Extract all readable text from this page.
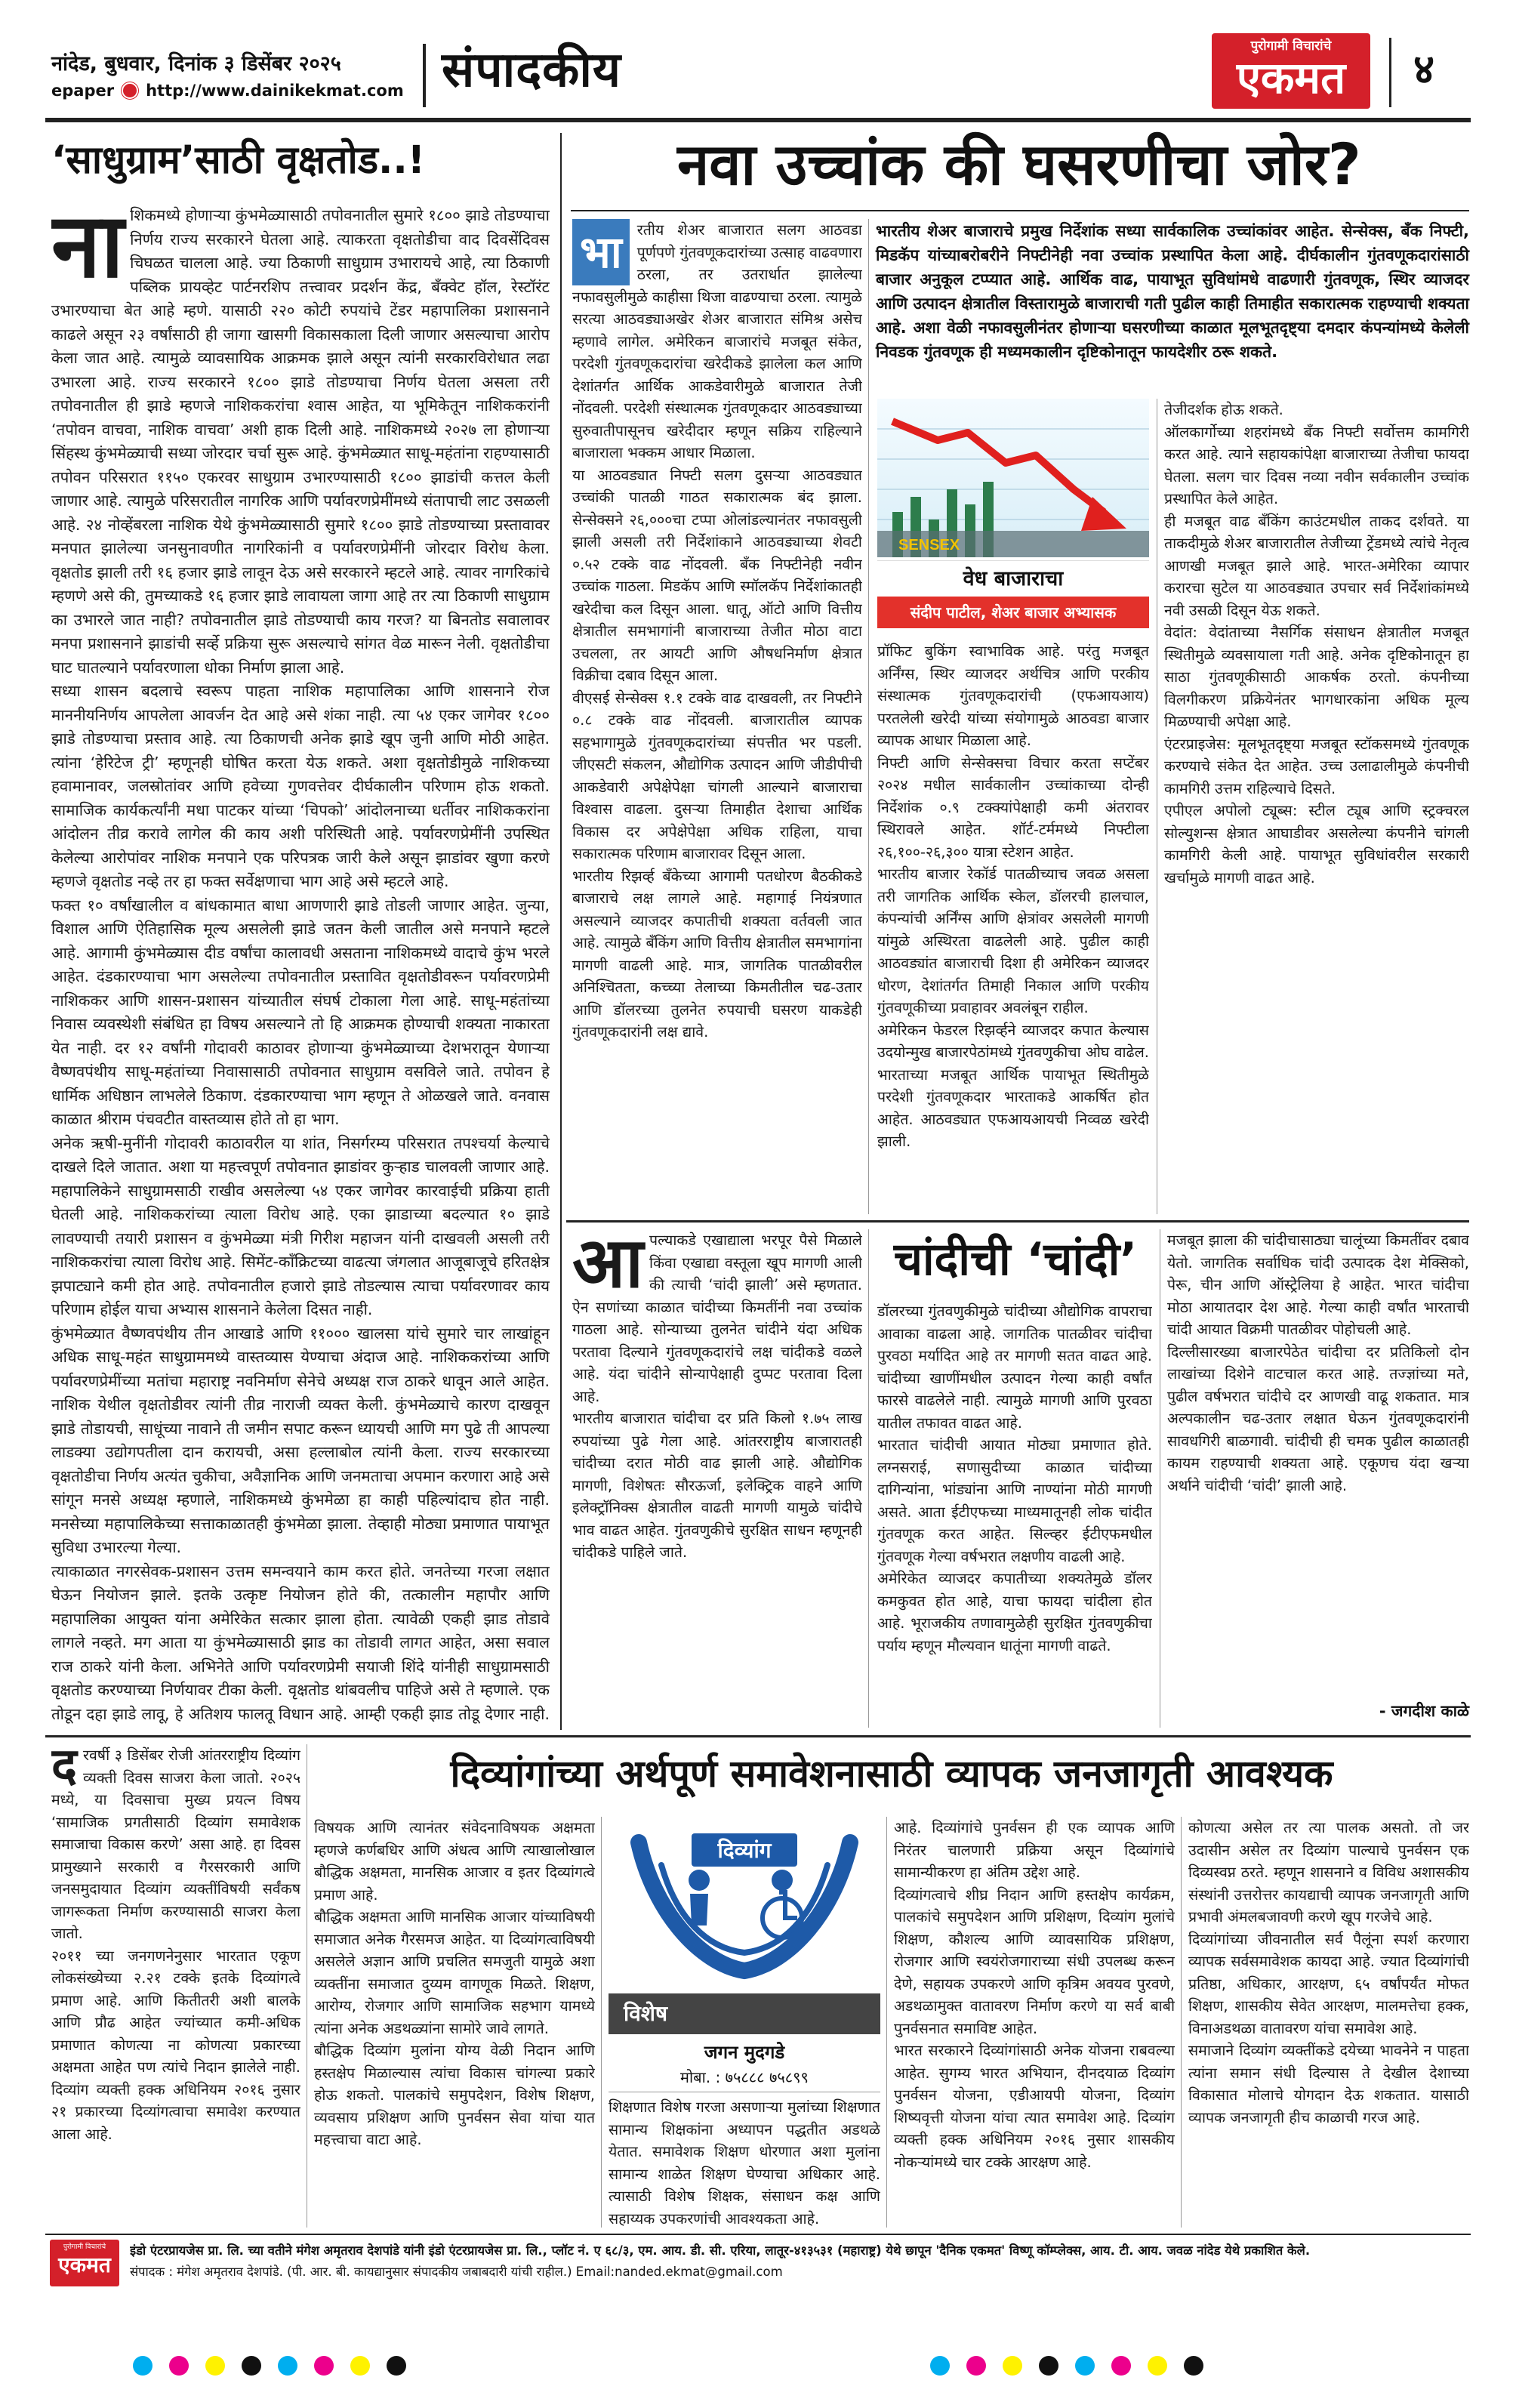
नांदेड, बुधवार, दिनांक ३ डिसेंबर २०२५
epaper http://www.dainikekmat.com संपादकीय	पुरोगामी विचारांचे
एकमत	४
‘साधुग्राम’साठी वृक्षतोड..!
ना शिकमध्ये होणाऱ्या कुंभमेळ्यासाठी तपोवनातील सुमारे १८०० झाडे तोडण्याचा निर्णय राज्य सरकारने घेतला आहे. त्याकरता वृक्षतोडीचा वाद दिवसेंदिवस चिघळत चालला आहे. ज्या ठिकाणी साधुग्राम उभारायचे आहे, त्या ठिकाणी पब्लिक प्रायव्हेट पार्टनरशिप तत्त्वावर प्रदर्शन केंद्र, बँक्वेट हॉल, रेस्टॉरंट उभारण्याचा बेत आहे म्हणे. यासाठी २२० कोटी रुपयांचे टेंडर महापालिका प्रशासनाने काढले असून २३ वर्षांसाठी ही जागा खासगी विकासकाला दिली जाणार असल्याचा आरोप केला जात आहे. त्यामुळे व्यावसायिक आक्रमक झाले असून त्यांनी सरकारविरोधात लढा उभारला आहे. राज्य सरकारने १८०० झाडे तोडण्याचा निर्णय घेतला असला तरी तपोवनातील ही झाडे म्हणजे नाशिककरांचा श्वास आहेत, या भूमिकेतून नाशिककरांनी ‘तपोवन वाचवा, नाशिक वाचवा’ अशी हाक दिली आहे. नाशिकमध्ये २०२७ ला होणाऱ्या सिंहस्थ कुंभमेळ्याची सध्या जोरदार चर्चा सुरू आहे. कुंभमेळ्यात साधू-महंतांना राहण्यासाठी तपोवन परिसरात ११५० एकरवर साधुग्राम उभारण्यासाठी १८०० झाडांची कत्तल केली जाणार आहे. त्यामुळे परिसरातील नागरिक आणि पर्यावरणप्रेमींमध्ये संतापाची लाट उसळली आहे. २४ नोव्हेंबरला नाशिक येथे कुंभमेळ्यासाठी सुमारे १८०० झाडे तोडण्याच्या प्रस्तावावर मनपात झालेल्या जनसुनावणीत नागरिकांनी व पर्यावरणप्रेमींनी जोरदार विरोध केला. वृक्षतोड झाली तरी १६ हजार झाडे लावून देऊ असे सरकारने म्हटले आहे. त्यावर नागरिकांचे म्हणणे असे की, तुमच्याकडे १६ हजार झाडे लावायला जागा आहे तर त्या ठिकाणी साधुग्राम का उभारले जात नाही? तपोवनातील झाडे तोडण्याची काय गरज? या बिनतोड सवालावर मनपा प्रशासनाने झाडांची सर्व्हे प्रक्रिया सुरू असल्याचे सांगत वेळ मारून नेली. वृक्षतोडीचा घाट घातल्याने पर्यावरणाला धोका निर्माण झाला आहे.

सध्या शासन बदलाचे स्वरूप पाहता नाशिक महापालिका आणि शासनाने रोज माननीयनिर्णय आपलेला आवर्जन देत आहे असे शंका नाही. त्या ५४ एकर जागेवर १८०० झाडे तोडण्याचा प्रस्ताव आहे. त्या ठिकाणची अनेक झाडे खूप जुनी आणि मोठी आहेत. त्यांना ‘हेरिटेज ट्री’ म्हणूनही घोषित करता येऊ शकते. अशा वृक्षतोडीमुळे नाशिकच्या हवामानावर, जलस्रोतांवर आणि हवेच्या गुणवत्तेवर दीर्घकालीन परिणाम होऊ शकतो. सामाजिक कार्यकर्त्यांनी मधा पाटकर यांच्या ‘चिपको’ आंदोलनाच्या धर्तीवर नाशिककरांना आंदोलन तीव्र करावे लागेल की काय अशी परिस्थिती आहे. पर्यावरणप्रेमींनी उपस्थित केलेल्या आरोपांवर नाशिक मनपाने एक परिपत्रक जारी केले असून झाडांवर खुणा करणे म्हणजे वृक्षतोड नव्हे तर हा फक्त सर्वेक्षणाचा भाग आहे असे म्हटले आहे.

फक्त १० वर्षांखालील व बांधकामात बाधा आणणारी झाडे तोडली जाणार आहेत. जुन्या, विशाल आणि ऐतिहासिक मूल्य असलेली झाडे जतन केली जातील असे मनपाने म्हटले आहे. आगामी कुंभमेळ्यास दीड वर्षांचा कालावधी असताना नाशिकमध्ये वादाचे कुंभ भरले आहेत. दंडकारण्याचा भाग असलेल्या तपोवनातील प्रस्तावित वृक्षतोडीवरून पर्यावरणप्रेमी नाशिककर आणि शासन-प्रशासन यांच्यातील संघर्ष टोकाला गेला आहे. साधू-महंतांच्या निवास व्यवस्थेशी संबंधित हा विषय असल्याने तो हि आक्रमक होण्याची शक्यता नाकारता येत नाही. दर १२ वर्षांनी गोदावरी काठावर होणाऱ्या कुंभमेळ्याच्या देशभरातून येणाऱ्या वैष्णवपंथीय साधू-महंतांच्या निवासासाठी तपोवनात साधुग्राम वसविले जाते. तपोवन हे धार्मिक अधिष्ठान लाभलेले ठिकाण. दंडकारण्याचा भाग म्हणून ते ओळखले जाते. वनवास काळात श्रीराम पंचवटीत वास्तव्यास होते तो हा भाग.

अनेक ऋषी-मुनींनी गोदावरी काठावरील या शांत, निसर्गरम्य परिसरात तपश्चर्या केल्याचे दाखले दिले जातात. अशा या महत्त्वपूर्ण तपोवनात झाडांवर कुऱ्हाड चालवली जाणार आहे. महापालिकेने साधुग्रामसाठी राखीव असलेल्या ५४ एकर जागेवर कारवाईची प्रक्रिया हाती घेतली आहे. नाशिककरांच्या त्याला विरोध आहे. एका झाडाच्या बदल्यात १० झाडे लावण्याची तयारी प्रशासन व कुंभमेळ्या मंत्री गिरीश महाजन यांनी दाखवली असली तरी नाशिककरांचा त्याला विरोध आहे. सिमेंट-कॉंक्रिटच्या वाढत्या जंगलात आजूबाजूचे हरितक्षेत्र झपाट्याने कमी होत आहे. तपोवनातील हजारो झाडे तोडल्यास त्याचा पर्यावरणावर काय परिणाम होईल याचा अभ्यास शासनाने केलेला दिसत नाही.

कुंभमेळ्यात वैष्णवपंथीय तीन आखाडे आणि ११००० खालसा यांचे सुमारे चार लाखांहून अधिक साधू-महंत साधुग्राममध्ये वास्तव्यास येण्याचा अंदाज आहे. नाशिककरांच्या आणि पर्यावरणप्रेमींच्या मतांचा महाराष्ट्र नवनिर्माण सेनेचे अध्यक्ष राज ठाकरे धावून आले आहेत. नाशिक येथील वृक्षतोडीवर त्यांनी तीव्र नाराजी व्यक्त केली. कुंभमेळ्याचे कारण दाखवून झाडे तोडायची, साधूंच्या नावाने ती जमीन सपाट करून ध्यायची आणि मग पुढे ती आपल्या लाडक्या उद्योगपतीला दान करायची, असा हल्लाबोल त्यांनी केला. राज्य सरकारच्या वृक्षतोडीचा निर्णय अत्यंत चुकीचा, अवैज्ञानिक आणि जनमताचा अपमान करणारा आहे असे सांगून मनसे अध्यक्ष म्हणाले, नाशिकमध्ये कुंभमेळा हा काही पहिल्यांदाच होत नाही. मनसेच्या महापालिकेच्या सत्ताकाळातही कुंभमेळा झाला. तेव्हाही मोठ्या प्रमाणात पायाभूत सुविधा उभारल्या गेल्या.

त्याकाळात नगरसेवक-प्रशासन उत्तम समन्वयाने काम करत होते. जनतेच्या गरजा लक्षात घेऊन नियोजन झाले. इतके उत्कृष्ट नियोजन होते की, तत्कालीन महापौर आणि महापालिका आयुक्त यांना अमेरिकेत सत्कार झाला होता. त्यावेळी एकही झाड तोडावे लागले नव्हते. मग आता या कुंभमेळ्यासाठी झाड का तोडावी लागत आहेत, असा सवाल राज ठाकरे यांनी केला. अभिनेते आणि पर्यावरणप्रेमी सयाजी शिंदे यांनीही साधुग्रामसाठी वृक्षतोड करण्याच्या निर्णयावर टीका केली. वृक्षतोड थांबवलीच पाहिजे असे ते म्हणाले. एक तोडून दहा झाडे लावू, हे अतिशय फालतू विधान आहे. आम्ही एकही झाड तोडू देणार नाही.

नवा उच्चांक की घसरणीचा जोर?
भा	रतीय शेअर बाजारात सलग आठवडा पूर्णपणे गुंतवणूकदारांच्या उत्साह वाढवणारा ठरला, तर उतरार्धात झालेल्या नफावसुलीमुळे काहीसा थिजा वाढण्याचा ठरला. त्यामुळे सरत्या आठवड्याअखेर शेअर बाजारात संमिश्र असेच म्हणावे लागेल. अमेरिकन बाजारांचे मजबूत संकेत, परदेशी गुंतवणूकदारांचा खरेदीकडे झालेला कल आणि देशांतर्गत आर्थिक आकडेवारीमुळे बाजारात तेजी नोंदवली. परदेशी संस्थात्मक गुंतवणूकदार आठवड्याच्या सुरुवातीपासूनच खरेदीदार म्हणून सक्रिय राहिल्याने बाजाराला भक्कम आधार मिळाला.

या आठवड्यात निफ्टी सलग दुसऱ्या आठवड्यात उच्चांकी पातळी गाठत सकारात्मक बंद झाला. सेन्सेक्सने २६,०००चा टप्पा ओलांडल्यानंतर नफावसुली झाली असली तरी निर्देशांकाने आठवड्याच्या शेवटी ०.५२ टक्के वाढ नोंदवली. बँक निफ्टीनेही नवीन उच्चांक गाठला. मिडकॅप आणि स्मॉलकॅप निर्देशांकातही खरेदीचा कल दिसून आला. धातू, ऑटो आणि वित्तीय क्षेत्रातील समभागांनी बाजाराच्या तेजीत मोठा वाटा उचलला, तर आयटी आणि औषधनिर्माण क्षेत्रात विक्रीचा दबाव दिसून आला.

वीएसई सेन्सेक्स १.१ टक्के वाढ दाखवली, तर निफ्टीने ०.८ टक्के वाढ नोंदवली. बाजारातील व्यापक सहभागामुळे गुंतवणूकदारांच्या संपत्तीत भर पडली. जीएसटी संकलन, औद्योगिक उत्पादन आणि जीडीपीची आकडेवारी अपेक्षेपेक्षा चांगली आल्याने बाजाराचा विश्वास वाढला. दुसऱ्या तिमाहीत देशाचा आर्थिक विकास दर अपेक्षेपेक्षा अधिक राहिला, याचा सकारात्मक परिणाम बाजारावर दिसून आला.

भारतीय रिझर्व्ह बँकेच्या आगामी पतधोरण बैठकीकडे बाजाराचे लक्ष लागले आहे. महागाई नियंत्रणात असल्याने व्याजदर कपातीची शक्यता वर्तवली जात आहे. त्यामुळे बँकिंग आणि वित्तीय क्षेत्रातील समभागांना मागणी वाढली आहे. मात्र, जागतिक पातळीवरील अनिश्चितता, कच्च्या तेलाच्या किमतीतील चढ-उतार आणि डॉलरच्या तुलनेत रुपयाची घसरण याकडेही गुंतवणूकदारांनी लक्ष द्यावे.

भारतीय शेअर बाजाराचे प्रमुख निर्देशांक सध्या सार्वकालिक उच्चांकांवर आहेत. सेन्सेक्स, बँक निफ्टी, मिडकॅप यांच्याबरोबरीने निफ्टीनेही नवा उच्चांक प्रस्थापित केला आहे. दीर्घकालीन गुंतवणूकदारांसाठी बाजार अनुकूल टप्प्यात आहे. आर्थिक वाढ, पायाभूत सुविधांमधे वाढणारी गुंतवणूक, स्थिर व्याजदर आणि उत्पादन क्षेत्रातील विस्तारामुळे बाजाराची गती पुढील काही तिमाहीत सकारात्मक राहण्याची शक्यता आहे. अशा वेळी नफावसुलीनंतर होणाऱ्या घसरणीच्या काळात मूलभूतदृष्ट्या दमदार कंपन्यांमध्ये केलेली निवडक गुंतवणूक ही मध्यमकालीन दृष्टिकोनातून फायदेशीर ठरू शकते.
SENSEX
वेध बाजाराचा
संदीप पाटील, शेअर बाजार अभ्यासक

प्रॉफिट बुकिंग स्वाभाविक आहे. परंतु मजबूत अर्निंग्स, स्थिर व्याजदर अर्थचित्र आणि परकीय संस्थात्मक गुंतवणूकदारांची (एफआयआय) परतलेली खरेदी यांच्या संयोगामुळे आठवडा बाजार व्यापक आधार मिळाला आहे.

निफ्टी आणि सेन्सेक्सचा विचार करता सप्टेंबर २०२४ मधील सार्वकालीन उच्चांकाच्या दोन्ही निर्देशांक ०.९ टक्क्यांपेक्षाही कमी अंतरावर स्थिरावले आहेत. शॉर्ट-टर्ममध्ये निफ्टीला २६,१००-२६,३०० यात्रा स्टेशन आहेत.

भारतीय बाजार रेकॉर्ड पातळीच्याच जवळ असला तरी जागतिक आर्थिक स्केल, डॉलरची हालचाल, कंपन्यांची अर्निंग्स आणि क्षेत्रांवर असलेली मागणी यांमुळे अस्थिरता वाढलेली आहे. पुढील काही आठवड्यांत बाजाराची दिशा ही अमेरिकन व्याजदर धोरण, देशांतर्गत तिमाही निकाल आणि परकीय गुंतवणूकीच्या प्रवाहावर अवलंबून राहील.

अमेरिकन फेडरल रिझर्व्हने व्याजदर कपात केल्यास उदयोन्मुख बाजारपेठांमध्ये गुंतवणुकीचा ओघ वाढेल. भारताच्या मजबूत आर्थिक पायाभूत स्थितीमुळे परदेशी गुंतवणूकदार भारताकडे आकर्षित होत आहेत. आठवड्यात एफआयआयची निव्वळ खरेदी झाली.

तेजीदर्शक होऊ शकते.

ऑलकार्गोच्या शहरांमध्ये बँक निफ्टी सर्वोत्तम कामगिरी करत आहे. त्याने सहायकांपेक्षा बाजाराच्या तेजीचा फायदा घेतला. सलग चार दिवस नव्या नवीन सर्वकालीन उच्चांक प्रस्थापित केले आहेत.

ही मजबूत वाढ बँकिंग काउंटमधील ताकद दर्शवते. या ताकदीमुळे शेअर बाजारातील तेजीच्या ट्रेंडमध्ये त्यांचे नेतृत्व आणखी मजबूत झाले आहे. भारत-अमेरिका व्यापार करारचा सुटेल या आठवड्यात उपचार सर्व निर्देशांकांमध्ये नवी उसळी दिसून येऊ शकते.

वेदांत: वेदांताच्या नैसर्गिक संसाधन क्षेत्रातील मजबूत स्थितीमुळे व्यवसायाला गती आहे. अनेक दृष्टिकोनातून हा साठा गुंतवणूकीसाठी आकर्षक ठरतो. कंपनीच्या विलगीकरण प्रक्रियेनंतर भागधारकांना अधिक मूल्य मिळण्याची अपेक्षा आहे.

एंटरप्राइजेस: मूलभूतदृष्ट्या मजबूत स्टॉकसमध्ये गुंतवणूक करण्याचे संकेत देत आहेत. उच्च उलाढालीमुळे कंपनीची कामगिरी उत्तम राहिल्याचे दिसते.

एपीएल अपोलो ट्यूब्स: स्टील ट्यूब आणि स्ट्रक्चरल सोल्युशन्स क्षेत्रात आघाडीवर असलेल्या कंपनीने चांगली कामगिरी केली आहे. पायाभूत सुविधांवरील सरकारी खर्चामुळे मागणी वाढत आहे.

आ पल्याकडे एखाद्याला भरपूर पैसे मिळाले किंवा एखाद्या वस्तूला खूप मागणी आली की त्याची ‘चांदी झाली’ असे म्हणतात. ऐन सणांच्या काळात चांदीच्या किमतींनी नवा उच्चांक गाठला आहे. सोन्याच्या तुलनेत चांदीने यंदा अधिक परतावा दिल्याने गुंतवणूकदारांचे लक्ष चांदीकडे वळले आहे. यंदा चांदीने सोन्यापेक्षाही दुप्पट परतावा दिला आहे.

भारतीय बाजारात चांदीचा दर प्रति किलो १.७५ लाख रुपयांच्या पुढे गेला आहे. आंतरराष्ट्रीय बाजारातही चांदीच्या दरात मोठी वाढ झाली आहे. औद्योगिक मागणी, विशेषतः सौरऊर्जा, इलेक्ट्रिक वाहने आणि इलेक्ट्रॉनिक्स क्षेत्रातील वाढती मागणी यामुळे चांदीचे भाव वाढत आहेत. गुंतवणुकीचे सुरक्षित साधन म्हणूनही चांदीकडे पाहिले जाते.

चांदीची ‘चांदी’

डॉलरच्या गुंतवणुकीमुळे चांदीच्या औद्योगिक वापराचा आवाका वाढला आहे. जागतिक पातळीवर चांदीचा पुरवठा मर्यादित आहे तर मागणी सतत वाढत आहे. चांदीच्या खाणींमधील उत्पादन गेल्या काही वर्षांत फारसे वाढलेले नाही. त्यामुळे मागणी आणि पुरवठा यातील तफावत वाढत आहे.

भारतात चांदीची आयात मोठ्या प्रमाणात होते. लग्नसराई, सणासुदीच्या काळात चांदीच्या दागिन्यांना, भांड्यांना आणि नाण्यांना मोठी मागणी असते. आता ईटीएफच्या माध्यमातूनही लोक चांदीत गुंतवणूक करत आहेत. सिल्व्हर ईटीएफमधील गुंतवणूक गेल्या वर्षभरात लक्षणीय वाढली आहे.

अमेरिकेत व्याजदर कपातीच्या शक्यतेमुळे डॉलर कमकुवत होत आहे, याचा फायदा चांदीला होत आहे. भूराजकीय तणावामुळेही सुरक्षित गुंतवणुकीचा पर्याय म्हणून मौल्यवान धातूंना मागणी वाढते.

मजबूत झाला की चांदीचासाठ्या चालूंच्या किमतींवर दबाव येतो. जागतिक सर्वाधिक चांदी उत्पादक देश मेक्सिको, पेरू, चीन आणि ऑस्ट्रेलिया हे आहेत. भारत चांदीचा मोठा आयातदार देश आहे. गेल्या काही वर्षांत भारताची चांदी आयात विक्रमी पातळीवर पोहोचली आहे.

दिल्लीसारख्या बाजारपेठेत चांदीचा दर प्रतिकिलो दोन लाखांच्या दिशेने वाटचाल करत आहे. तज्ज्ञांच्या मते, पुढील वर्षभरात चांदीचे दर आणखी वाढू शकतात. मात्र अल्पकालीन चढ-उतार लक्षात घेऊन गुंतवणूकदारांनी सावधगिरी बाळगावी. चांदीची ही चमक पुढील काळातही कायम राहण्याची शक्यता आहे. एकूणच यंदा खऱ्या अर्थाने चांदीची ‘चांदी’ झाली आहे.

- जगदीश काळे
द रवर्षी ३ डिसेंबर रोजी आंतरराष्ट्रीय दिव्यांग व्यक्ती दिवस साजरा केला जातो. २०२५ मध्ये, या दिवसाचा मुख्य प्रयत्न विषय ‘सामाजिक प्रगतीसाठी दिव्यांग समावेशक समाजाचा विकास करणे’ असा आहे. हा दिवस प्रामुख्याने सरकारी व गैरसरकारी आणि जनसमुदायात दिव्यांग व्यक्तींविषयी सर्वंकष जागरूकता निर्माण करण्यासाठी साजरा केला जातो.

२०११ च्या जनगणनेनुसार भारतात एकूण लोकसंख्येच्या २.२१ टक्के इतके दिव्यांगत्वे प्रमाण आहे. आणि कितीतरी अशी बालके आणि प्रौढ आहेत ज्यांच्यात कमी-अधिक प्रमाणात कोणत्या ना कोणत्या प्रकारच्या अक्षमता आहेत पण त्यांचे निदान झालेले नाही. दिव्यांग व्यक्ती हक्क अधिनियम २०१६ नुसार २१ प्रकारच्या दिव्यांगत्वाचा समावेश करण्यात आला आहे.

दिव्यांगांच्या अर्थपूर्ण समावेशनासाठी व्यापक जनजागृती आवश्यक

विषयक आणि त्यानंतर संवेदनाविषयक अक्षमता म्हणजे कर्णबधिर आणि अंधत्व आणि त्याखालोखाल बौद्धिक अक्षमता, मानसिक आजार व इतर दिव्यांगत्वे प्रमाण आहे.

बौद्धिक अक्षमता आणि मानसिक आजार यांच्याविषयी समाजात अनेक गैरसमज आहेत. या दिव्यांगत्वाविषयी असलेले अज्ञान आणि प्रचलित समजुती यामुळे अशा व्यक्तींना समाजात दुय्यम वागणूक मिळते. शिक्षण, आरोग्य, रोजगार आणि सामाजिक सहभाग यामध्ये त्यांना अनेक अडथळ्यांना सामोरे जावे लागते.

बौद्धिक दिव्यांग मुलांना योग्य वेळी निदान आणि हस्तक्षेप मिळाल्यास त्यांचा विकास चांगल्या प्रकारे होऊ शकतो. पालकांचे समुपदेशन, विशेष शिक्षण, व्यवसाय प्रशिक्षण आणि पुनर्वसन सेवा यांचा यात महत्त्वाचा वाटा आहे.

दिव्यांग
विशेष
जगन मुदगडे
मोबा. : ७५८८८ ७५८९९

शिक्षणात विशेष गरजा असणाऱ्या मुलांच्या शिक्षणात सामान्य शिक्षकांना अध्यापन पद्धतीत अडथळे येतात. समावेशक शिक्षण धोरणात अशा मुलांना सामान्य शाळेत शिक्षण घेण्याचा अधिकार आहे. त्यासाठी विशेष शिक्षक, संसाधन कक्ष आणि सहाय्यक उपकरणांची आवश्यकता आहे.

आहे. दिव्यांगांचे पुनर्वसन ही एक व्यापक आणि निरंतर चालणारी प्रक्रिया असून दिव्यांगांचे सामान्यीकरण हा अंतिम उद्देश आहे.

दिव्यांगत्वाचे शीघ्र निदान आणि हस्तक्षेप कार्यक्रम, पालकांचे समुपदेशन आणि प्रशिक्षण, दिव्यांग मुलांचे शिक्षण, कौशल्य आणि व्यावसायिक प्रशिक्षण, रोजगार आणि स्वयंरोजगाराच्या संधी उपलब्ध करून देणे, सहायक उपकरणे आणि कृत्रिम अवयव पुरवणे, अडथळामुक्त वातावरण निर्माण करणे या सर्व बाबी पुनर्वसनात समाविष्ट आहेत.

भारत सरकारने दिव्यांगांसाठी अनेक योजना राबवल्या आहेत. सुगम्य भारत अभियान, दीनदयाळ दिव्यांग पुनर्वसन योजना, एडीआयपी योजना, दिव्यांग शिष्यवृत्ती योजना यांचा त्यात समावेश आहे. दिव्यांग व्यक्ती हक्क अधिनियम २०१६ नुसार शासकीय नोकऱ्यांमध्ये चार टक्के आरक्षण आहे.

कोणत्या असेल तर त्या पालक असतो. तो जर उदासीन असेल तर दिव्यांग पाल्याचे पुनर्वसन एक दिव्यस्वप्न ठरते. म्हणून शासनाने व विविध अशासकीय संस्थांनी उत्तरोत्तर कायद्याची व्यापक जनजागृती आणि प्रभावी अंमलबजावणी करणे खूप गरजेचे आहे.

दिव्यांगांच्या जीवनातील सर्व पैलूंना स्पर्श करणारा व्यापक सर्वसमावेशक कायदा आहे. ज्यात दिव्यांगांची प्रतिष्ठा, अधिकार, आरक्षण, ६५ वर्षांपर्यंत मोफत शिक्षण, शासकीय सेवेत आरक्षण, मालमत्तेचा हक्क, विनाअडथळा वातावरण यांचा समावेश आहे.

समाजाने दिव्यांग व्यक्तींकडे दयेच्या भावनेने न पाहता त्यांना समान संधी दिल्यास ते देखील देशाच्या विकासात मोलाचे योगदान देऊ शकतात. यासाठी व्यापक जनजागृती हीच काळाची गरज आहे.

पुरोगामी विचारांचे
एकमत
इंडो एंटरप्रायजेस प्रा. लि. च्या वतीने मंगेश अमृतराव देशपांडे यांनी इंडो एंटरप्रायजेस प्रा. लि., प्लॉट नं. ए ६८/३, एम. आय. डी. सी. एरिया, लातूर-४१३५३१ (महाराष्ट्र) येथे छापून 'दैनिक एकमत' विष्णू कॉम्प्लेक्स, आय. टी. आय. जवळ नांदेड येथे प्रकाशित केले.
संपादक : मंगेश अमृतराव देशपांडे. (पी. आर. बी. कायद्यानुसार संपादकीय जबाबदारी यांची राहील.) Email:nanded.ekmat@gmail.com
